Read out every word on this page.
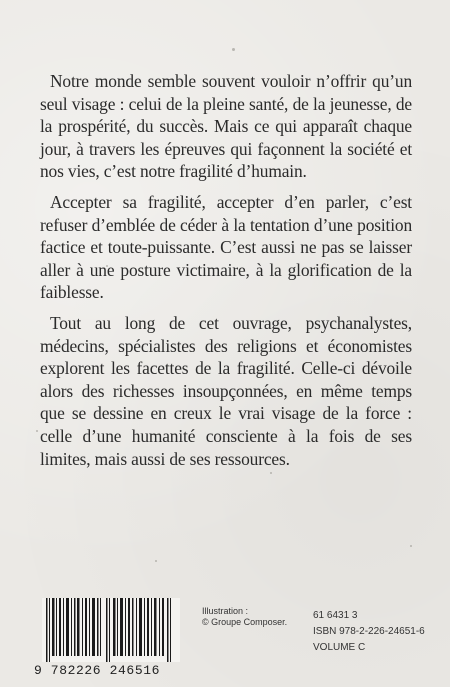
Notre monde semble souvent vouloir n’offrir qu’un seul visage : celui de la pleine santé, de la jeunesse, de la prospérité, du succès. Mais ce qui apparaît chaque jour, à travers les épreuves qui façonnent la société et nos vies, c’est notre fragilité d’humain.

Accepter sa fragilité, accepter d’en parler, c’est refuser d’emblée de céder à la tentation d’une position factice et toute-puissante. C’est aussi ne pas se laisser aller à une posture victimaire, à la glorification de la faiblesse.

Tout au long de cet ouvrage, psychanalystes, médecins, spécialistes des religions et économistes explorent les facettes de la fragilité. Celle-ci dévoile alors des richesses insoupçonnées, en même temps que se dessine en creux le vrai visage de la force : celle d’une humanité consciente à la fois de ses limites, mais aussi de ses ressources.

9 782226 246516
Illustration :
© Groupe Composer.
61 6431 3
ISBN 978-2-226-24651-6
VOLUME C
